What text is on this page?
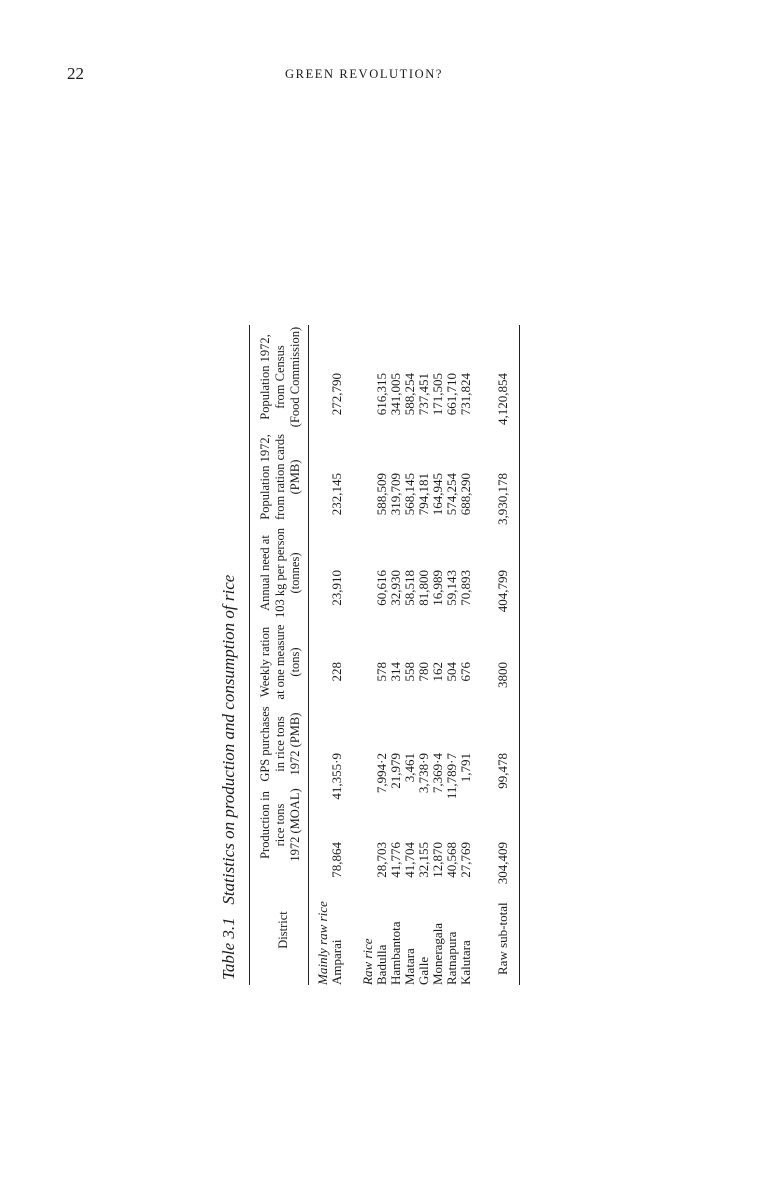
22	GREEN REVOLUTION?
Table 3.1   Statistics on production and consumption of rice
District
Production in rice tons 1972 (MOAL)
GPS purchases in rice tons 1972 (PMB)
Weekly ration at one measure (tons)
Annual need at 103 kg per person (tonnes)
Population 1972, from ration cards (PMB)
Population 1972, from Census (Food Commission)
Mainly raw rice Amparai
78,864
41,355·9
228
23,910
232,145
272,790
Raw rice Badulla
28,703
7,994·2
578
60,616
588,509
616,315
Hambantota
41,776
21,979
314
32,930
319,709
341,005
Matara
41,704
3,461
558
58,518
568,145
588,254
Galle
32,155
3,738·9
780
81,800
794,181
737,451
Moneragala
12,870
7,369·4
162
16,989
164,945
171,505
Ratnapura
40,568
11,789·7
504
59,143
574,254
661,710
Kalutara
27,769
1,791
676
70,893
688,290
731,824
Raw sub-total
304,409
99,478
3800
404,799
3,930,178
4,120,854
